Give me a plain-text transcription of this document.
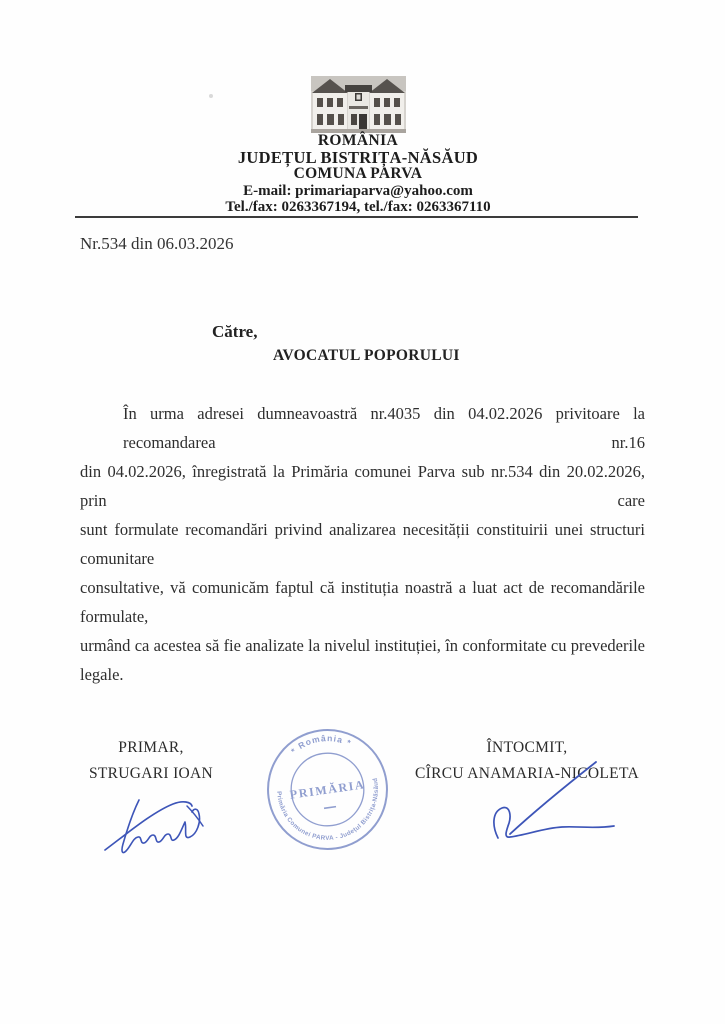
ROMÂNIA
JUDEȚUL BISTRIȚA-NĂSĂUD
COMUNA PARVA
E-mail: primariaparva@yahoo.com
Tel./fax: 0263367194, tel./fax: 0263367110
Nr.534 din 06.03.2026
Către,
AVOCATUL POPORULUI
În urma adresei dumneavoastră nr.4035 din 04.02.2026 privitoare la recomandarea nr.16
din 04.02.2026, înregistrată la Primăria comunei Parva sub nr.534 din 20.02.2026, prin care
sunt formulate recomandări privind analizarea necesității constituirii unei structuri comunitare
consultative, vă comunicăm faptul că instituția noastră a luat act de recomandările formulate,
urmând ca acestea să fie analizate la nivelul instituției, în conformitate cu prevederile legale.
PRIMAR,
STRUGARI IOAN
ÎNTOCMIT,
CÎRCU ANAMARIA-NICOLETA
* România *
Primăria Comunei PARVA - Județul Bistrița-Năsăud
PRIMĂRIA
